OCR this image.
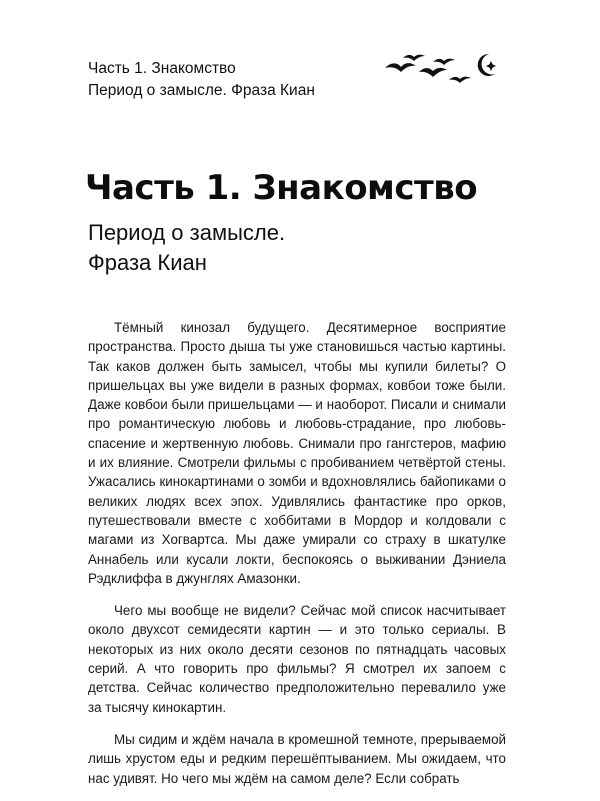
Часть 1. Знакомство
Период о замысле. Фраза Киан
Часть 1. Знакомство
Период о замысле.
Фраза Киан

Тёмный кинозал будущего. Десятимерное восприятие пространства. Просто дыша ты уже становишься частью картины. Так каков должен быть замысел, чтобы мы купили билеты? О пришельцах вы уже видели в разных формах, ковбои тоже были. Даже ковбои были пришельцами — и наоборот. Писали и снимали про романтическую любовь и любовь-страдание, про любовь-спасение и жертвенную любовь. Снимали про гангстеров, мафию и их влияние. Смотрели фильмы с пробиванием четвёртой стены. Ужасались кинокартинами о зомби и вдохновлялись байопиками о великих людях всех эпох. Удивлялись фантастике про орков, путешествовали вместе с хоббитами в Мордор и колдовали с магами из Хогвартса. Мы даже умирали со страху в шкатулке Аннабель или кусали локти, беспокоясь о выживании Дэниела Рэдклиффа в джунглях Амазонки.

Чего мы вообще не видели? Сейчас мой список насчитывает около двухсот семидесяти картин — и это только сериалы. В некоторых из них около десяти сезонов по пятнадцать часовых серий. А что говорить про фильмы? Я смотрел их запоем с детства. Сейчас количество предположительно перевалило уже за тысячу кинокартин.

Мы сидим и ждём начала в кромешной темноте, прерываемой лишь хрустом еды и редким перешёптыванием. Мы ожидаем, что нас удивят. Но чего мы ждём на самом деле? Если собрать
